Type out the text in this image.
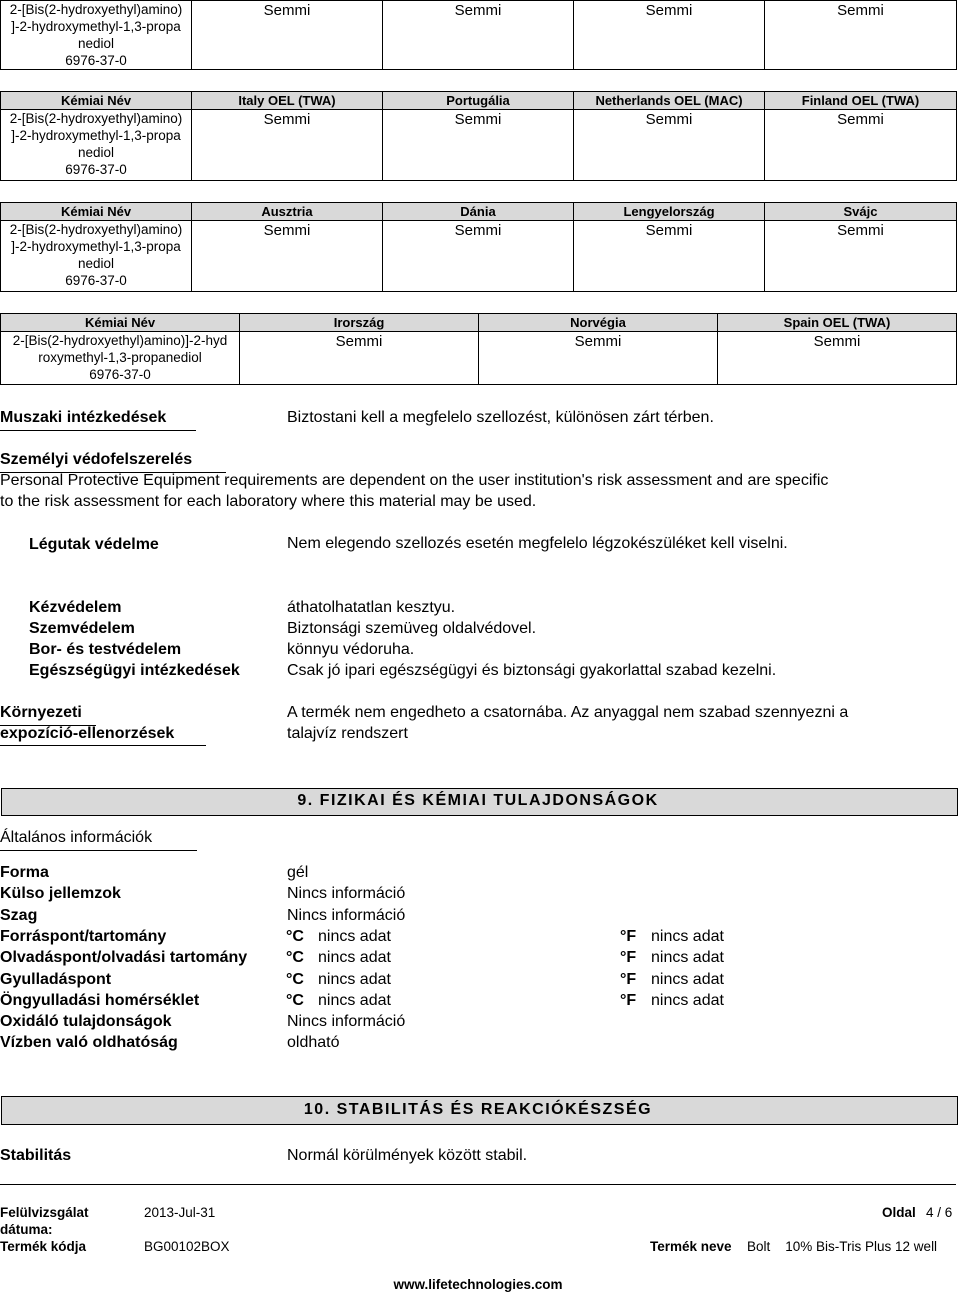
2-[Bis(2-hydroxyethyl)amino)
]-2-hydroxymethyl-1,3-propa
nediol
6976-37-0
	Semmi	Semmi	Semmi	Semmi
Kémiai Név	Italy OEL (TWA)	Portugália	Netherlands OEL (MAC)	Finland OEL (TWA)

2-[Bis(2-hydroxyethyl)amino)
]-2-hydroxymethyl-1,3-propa
nediol
6976-37-0	Semmi	Semmi	Semmi	Semmi
Kémiai Név	Ausztria	Dánia	Lengyelország	Svájc

2-[Bis(2-hydroxyethyl)amino)
]-2-hydroxymethyl-1,3-propa
nediol
6976-37-0	Semmi	Semmi	Semmi	Semmi
Kémiai Név	Irország	Norvégia	Spain OEL (TWA)

2-[Bis(2-hydroxyethyl)amino)]-2-hyd
roxymethyl-1,3-propanediol
6976-37-0	Semmi	Semmi	Semmi
Muszaki intézkedések	Biztostani kell a megfelelo szellozést, különösen zárt térben.
Személyi védofelszerelés
Personal Protective Equipment requirements are dependent on the user institution's risk assessment and are specific
to the risk assessment for each laboratory where this material may be used.
Légutak védelme	Nem elegendo szellozés esetén megfelelo légzokészüléket kell viselni.
Kézvédelem	áthatolhatatlan kesztyu.
Szemvédelem	Biztonsági szemüveg oldalvédovel.
Bor- és testvédelem	könnyu védoruha.
Egészségügyi intézkedések	Csak jó ipari egészségügyi és biztonsági gyakorlattal szabad kezelni.
Környezeti
expozíció-ellenorzések
A termék nem engedheto a csatornába. Az anyaggal nem szabad szennyezni a
talajvíz rendszert
9. FIZIKAI ÉS KÉMIAI TULAJDONSÁGOK
Általános információk
Forma	gél
Külso jellemzok	Nincs információ
Szag	Nincs információ
Forráspont/tartomány	°C nincs adat	°F nincs adat
Olvadáspont/olvadási tartomány °C nincs adat	°F nincs adat
Gyulladáspont	°C nincs adat	°F nincs adat
Öngyulladási homérséklet	°C nincs adat	°F nincs adat
Oxidáló tulajdonságok	Nincs információ
Vízben való oldhatóság	oldható
10. STABILITÁS ÉS REAKCIÓKÉSZSÉG
Stabilitás	Normál körülmények között stabil.
Felülvizsgálat
dátuma:
2013-Jul-31	Oldal 4 / 6
Termék kódja	BG00102BOX	Termék neve Bolt    10% Bis-Tris Plus 12 well
www.lifetechnologies.com
